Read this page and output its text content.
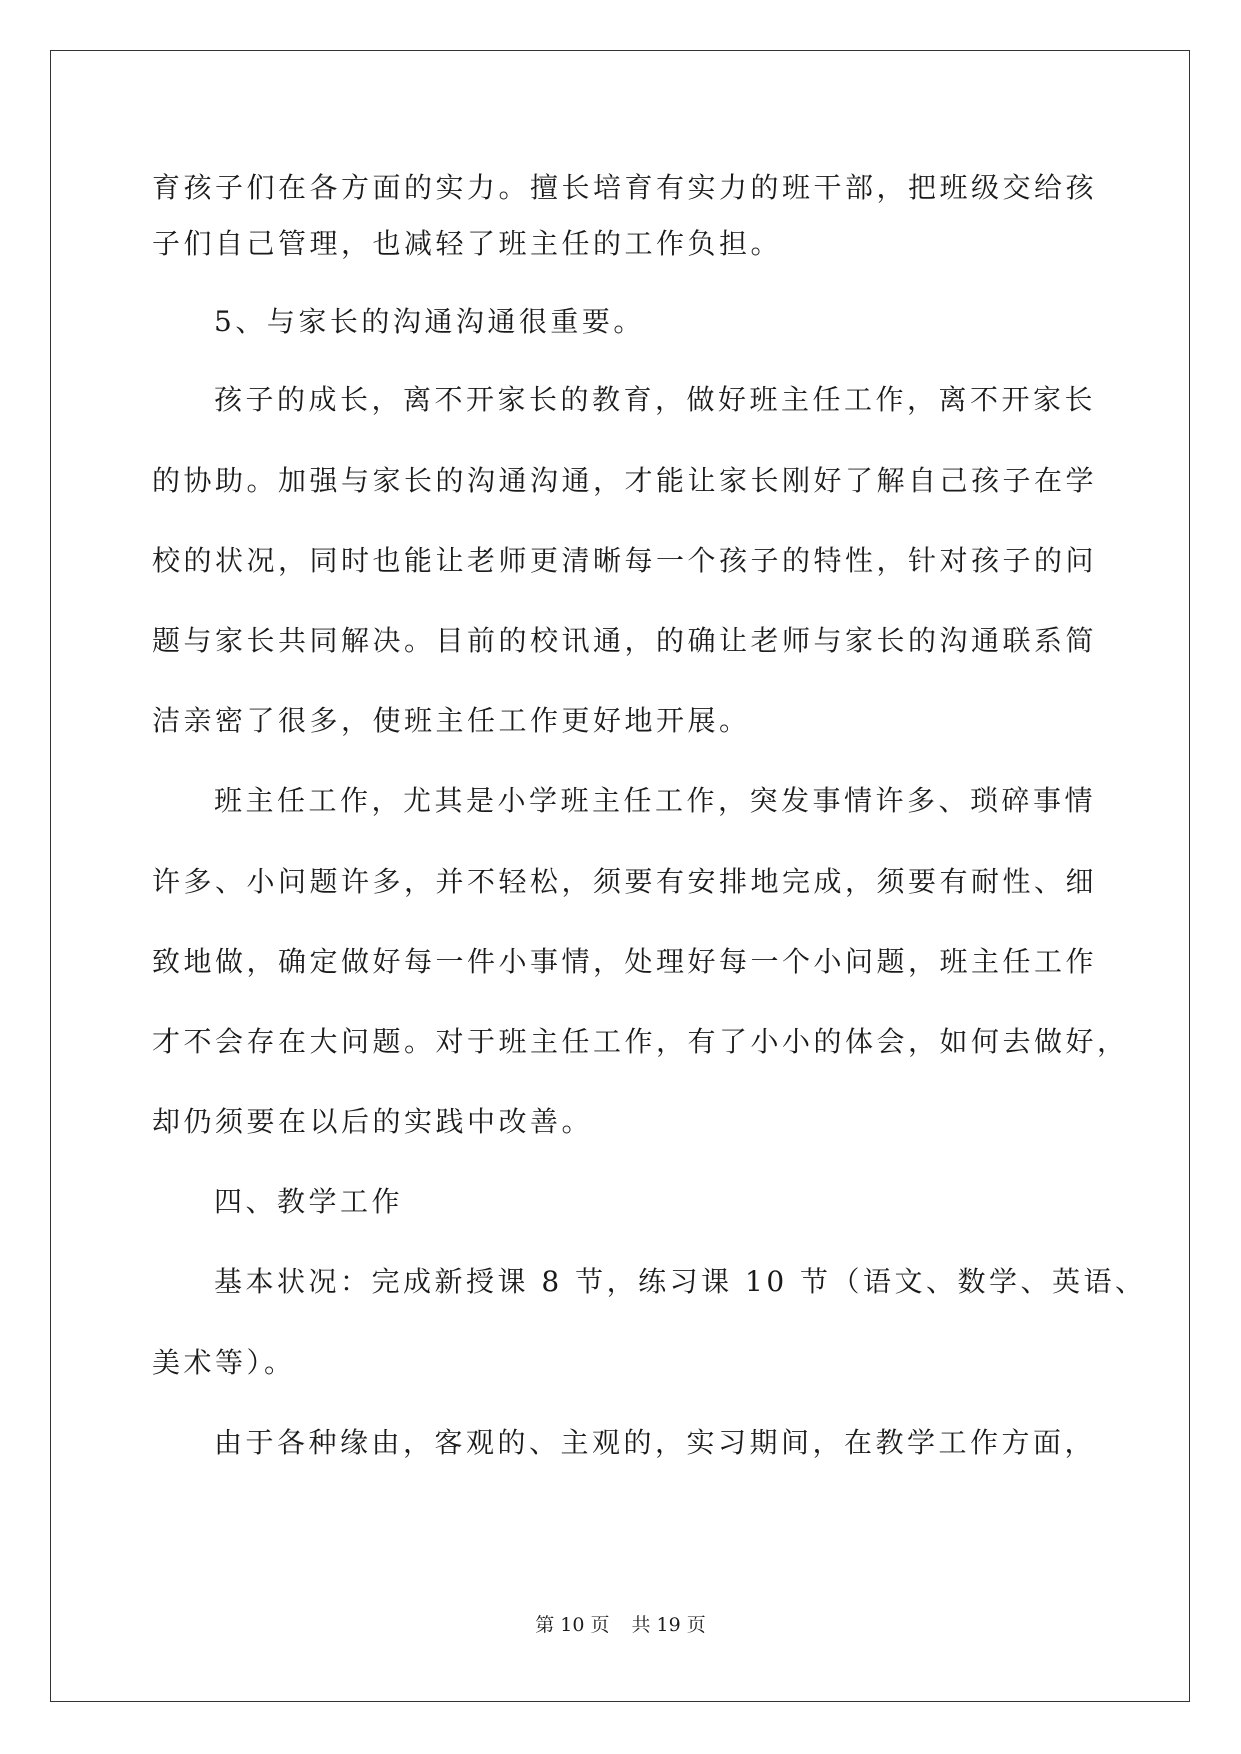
育孩子们在各方面的实力。擅长培育有实力的班干部，把班级交给孩
子们自己管理，也减轻了班主任的工作负担。
5、与家长的沟通沟通很重要。
孩子的成长，离不开家长的教育，做好班主任工作，离不开家长
的协助。加强与家长的沟通沟通，才能让家长刚好了解自己孩子在学
校的状况，同时也能让老师更清晰每一个孩子的特性，针对孩子的问
题与家长共同解决。目前的校讯通，的确让老师与家长的沟通联系简
洁亲密了很多，使班主任工作更好地开展。
班主任工作，尤其是小学班主任工作，突发事情许多、琐碎事情
许多、小问题许多，并不轻松，须要有安排地完成，须要有耐性、细
致地做，确定做好每一件小事情，处理好每一个小问题，班主任工作
才不会存在大问题。对于班主任工作，有了小小的体会，如何去做好，
却仍须要在以后的实践中改善。
四、教学工作
基本状况：完成新授课 8 节，练习课 10 节（语文、数学、英语、
美术等）。
由于各种缘由，客观的、主观的，实习期间，在教学工作方面，
第 10 页 共 19 页
